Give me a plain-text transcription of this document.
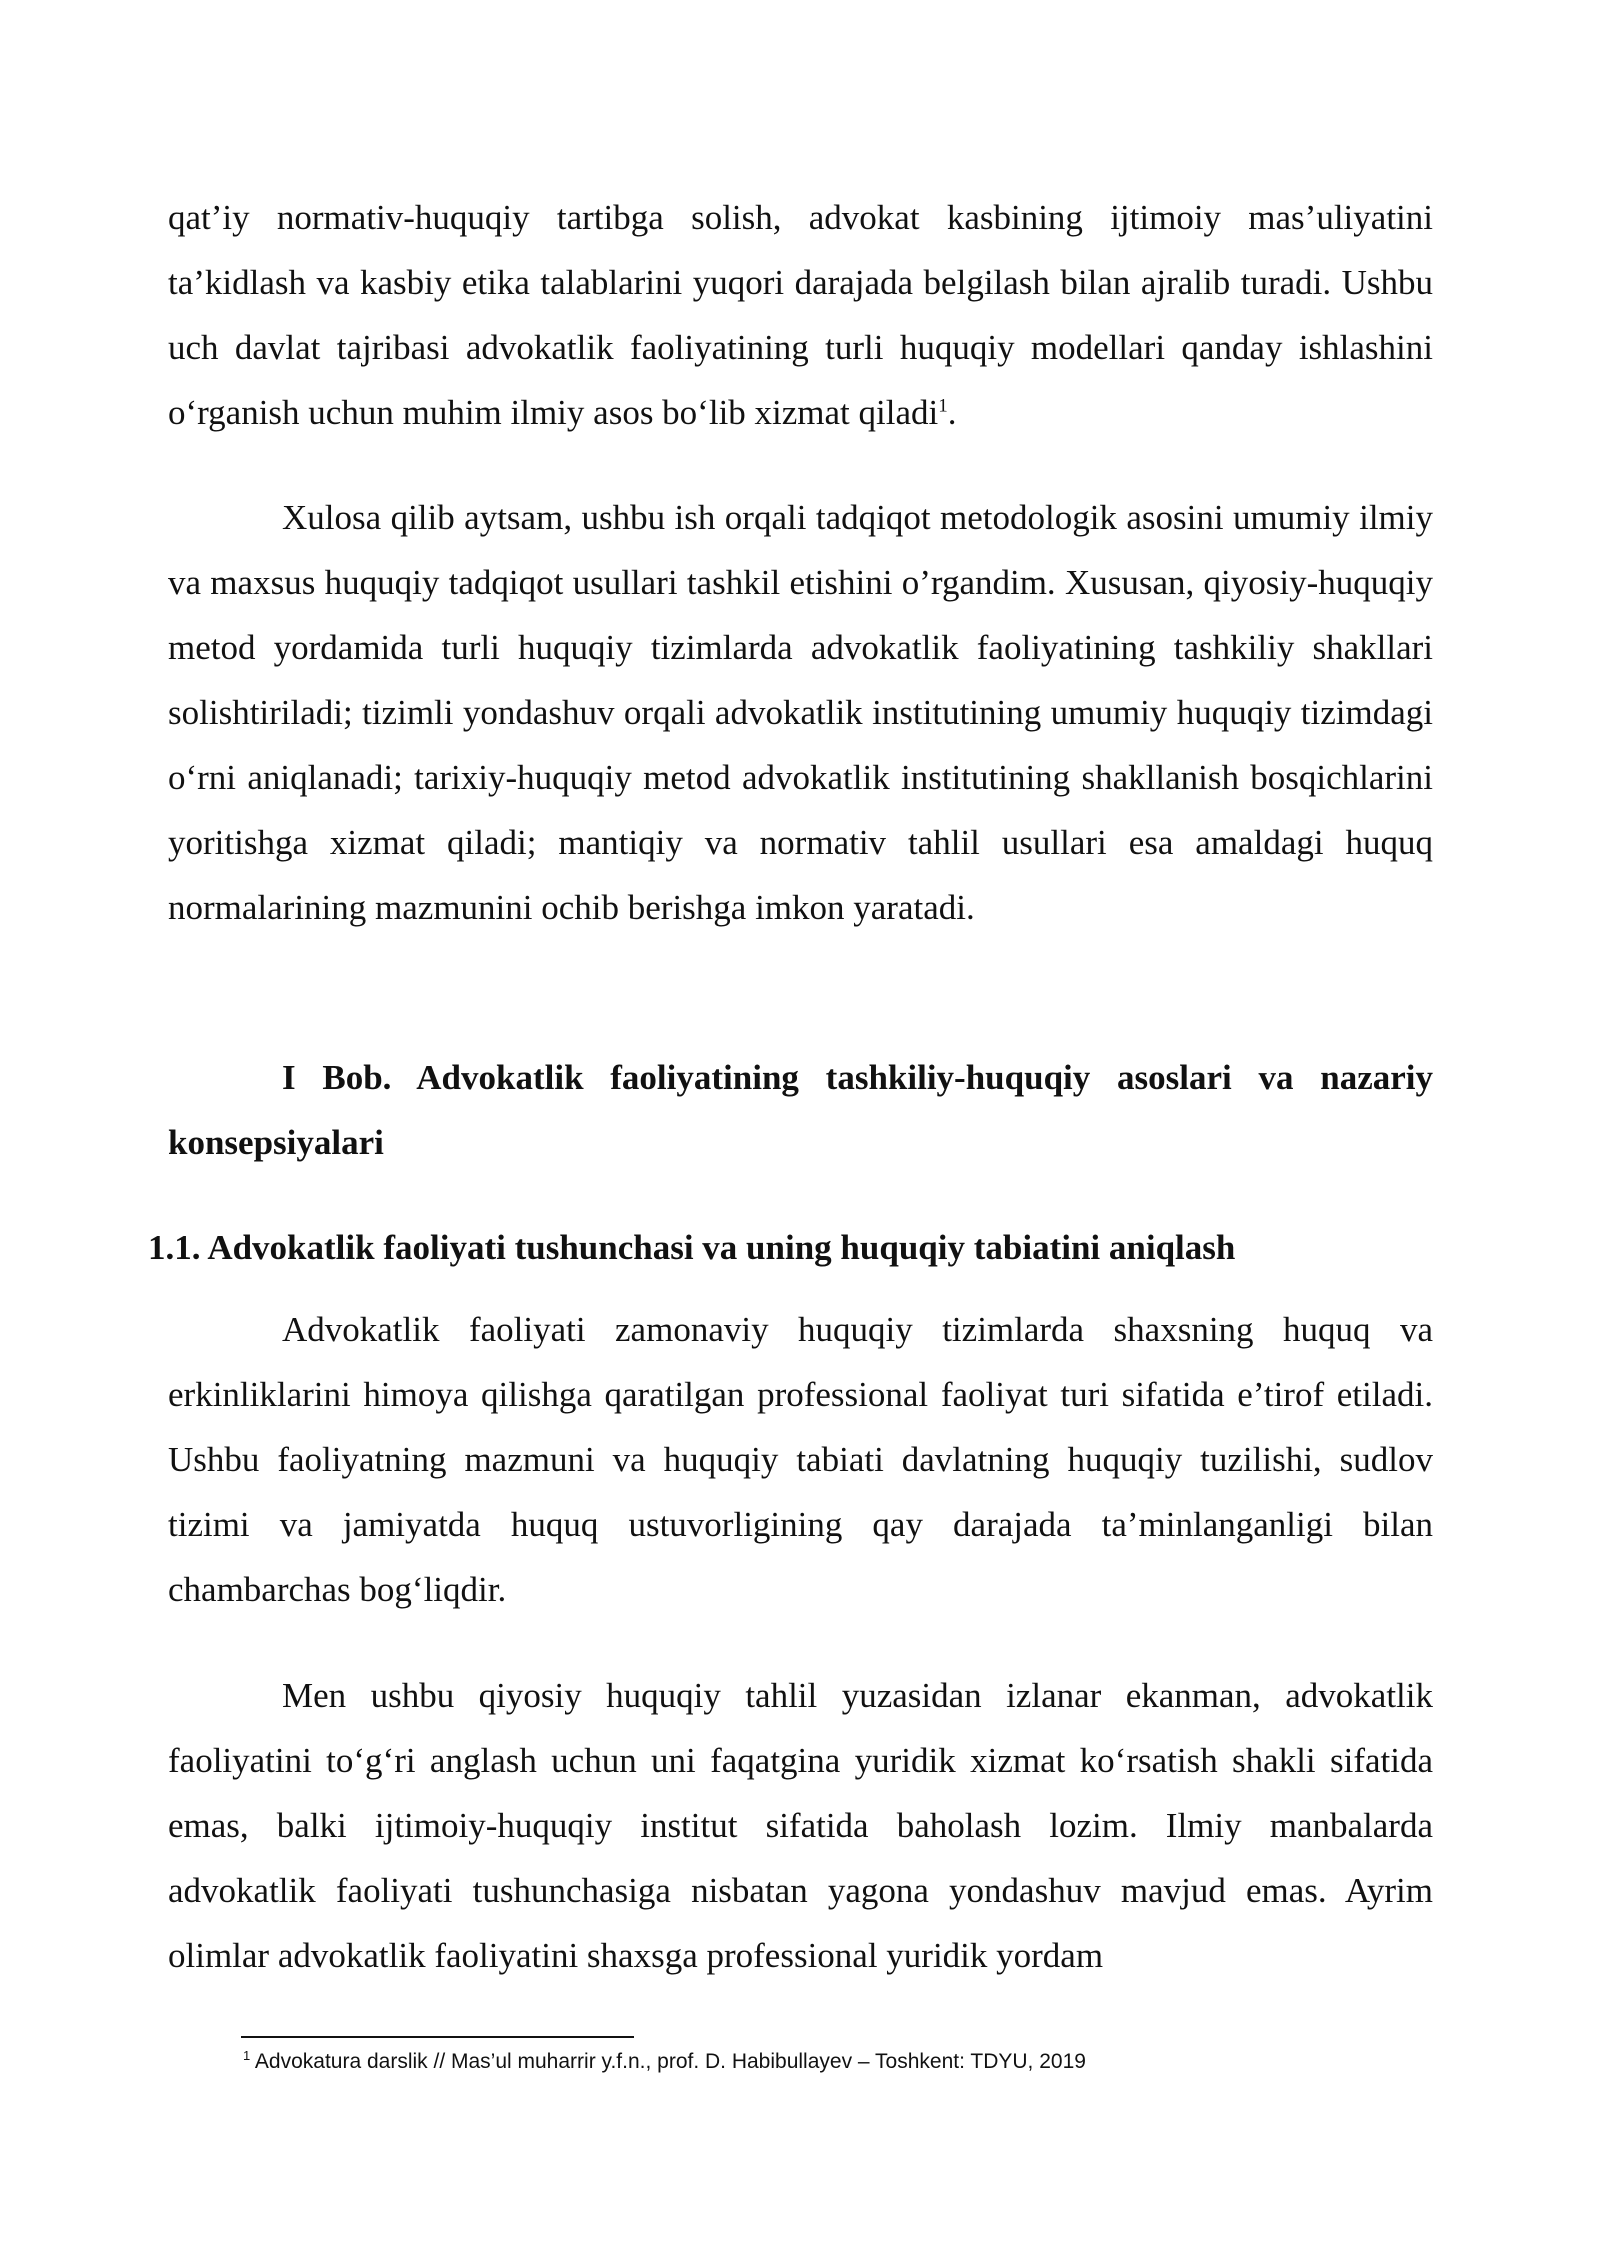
qat’iy normativ-huquqiy tartibga solish, advokat kasbining ijtimoiy mas’uliyatini ta’kidlash va kasbiy etika talablarini yuqori darajada belgilash bilan ajralib turadi. Ushbu uch davlat tajribasi advokatlik faoliyatining turli huquqiy modellari qanday ishlashini o‘rganish uchun muhim ilmiy asos bo‘lib xizmat qiladi$^1$.

Xulosa qilib aytsam, ushbu ish orqali tadqiqot metodologik asosini umumiy ilmiy va maxsus huquqiy tadqiqot usullari tashkil etishini o’rgandim. Xususan, qiyosiy-huquqiy metod yordamida turli huquqiy tizimlarda advokatlik faoliyatining tashkiliy shakllari solishtiriladi; tizimli yondashuv orqali advokatlik institutining umumiy huquqiy tizimdagi o‘rni aniqlanadi; tarixiy-huquqiy metod advokatlik institutining shakllanish bosqichlarini yoritishga xizmat qiladi; mantiqiy va normativ tahlil usullari esa amaldagi huquq normalarining mazmunini ochib berishga imkon yaratadi.

I Bob. Advokatlik faoliyatining tashkiliy-huquqiy asoslari va nazariy konsepsiyalari

1.1. Advokatlik faoliyati tushunchasi va uning huquqiy tabiatini aniqlash

Advokatlik faoliyati zamonaviy huquqiy tizimlarda shaxsning huquq va erkinliklarini himoya qilishga qaratilgan professional faoliyat turi sifatida e’tirof etiladi. Ushbu faoliyatning mazmuni va huquqiy tabiati davlatning huquqiy tuzilishi, sudlov tizimi va jamiyatda huquq ustuvorligining qay darajada ta’minlanganligi bilan chambarchas bog‘liqdir.

Men ushbu qiyosiy huquqiy tahlil yuzasidan izlanar ekanman, advokatlik faoliyatini to‘g‘ri anglash uchun uni faqatgina yuridik xizmat ko‘rsatish shakli sifatida emas, balki ijtimoiy-huquqiy institut sifatida baholash lozim. Ilmiy manbalarda advokatlik faoliyati tushunchasiga nisbatan yagona yondashuv mavjud emas. Ayrim olimlar advokatlik faoliyatini shaxsga professional yuridik yordam

$^1$ Advokatura darslik // Mas’ul muharrir y.f.n., prof. D. Habibullayev – Toshkent: TDYU, 2019
